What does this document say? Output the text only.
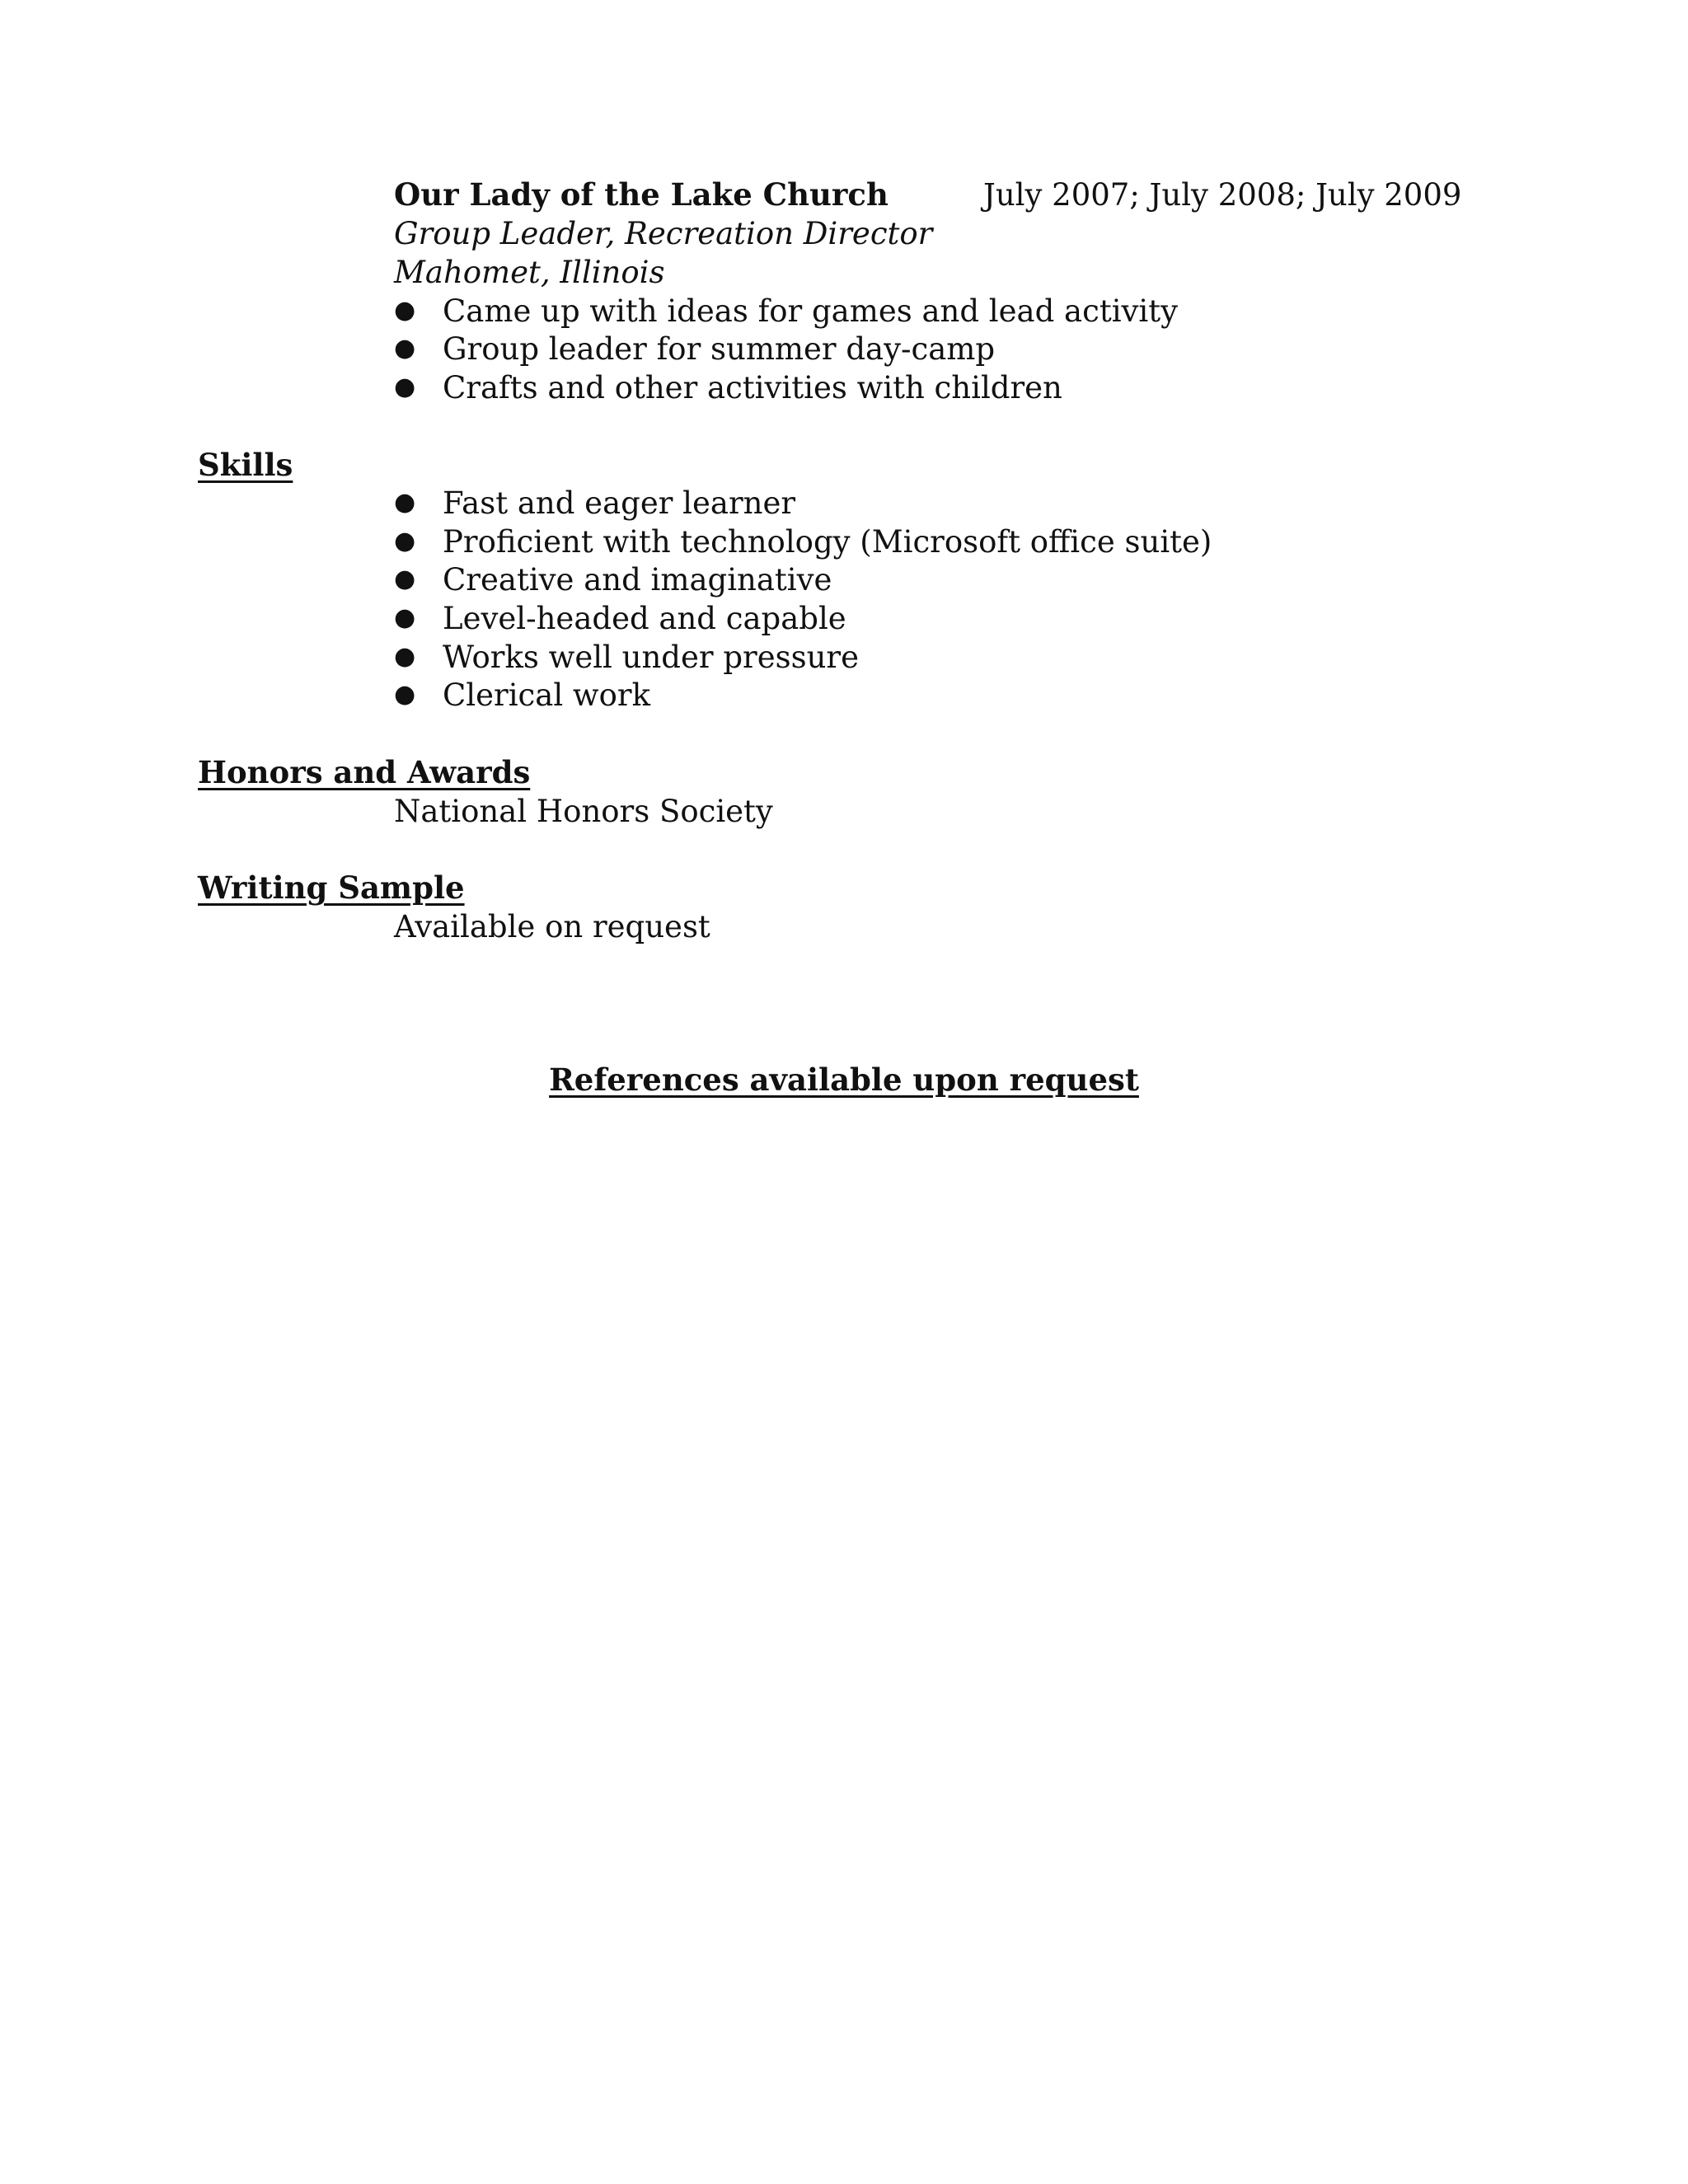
Our Lady of the Lake Church	July 2007; July 2008; July 2009
Group Leader, Recreation Director
Mahomet, Illinois
● Came up with ideas for games and lead activity
● Group leader for summer day-camp
● Crafts and other activities with children
Skills
● Fast and eager learner
● Proficient with technology (Microsoft office suite)
● Creative and imaginative
● Level-headed and capable
● Works well under pressure
● Clerical work
Honors and Awards
National Honors Society
Writing Sample
Available on request
References available upon request
